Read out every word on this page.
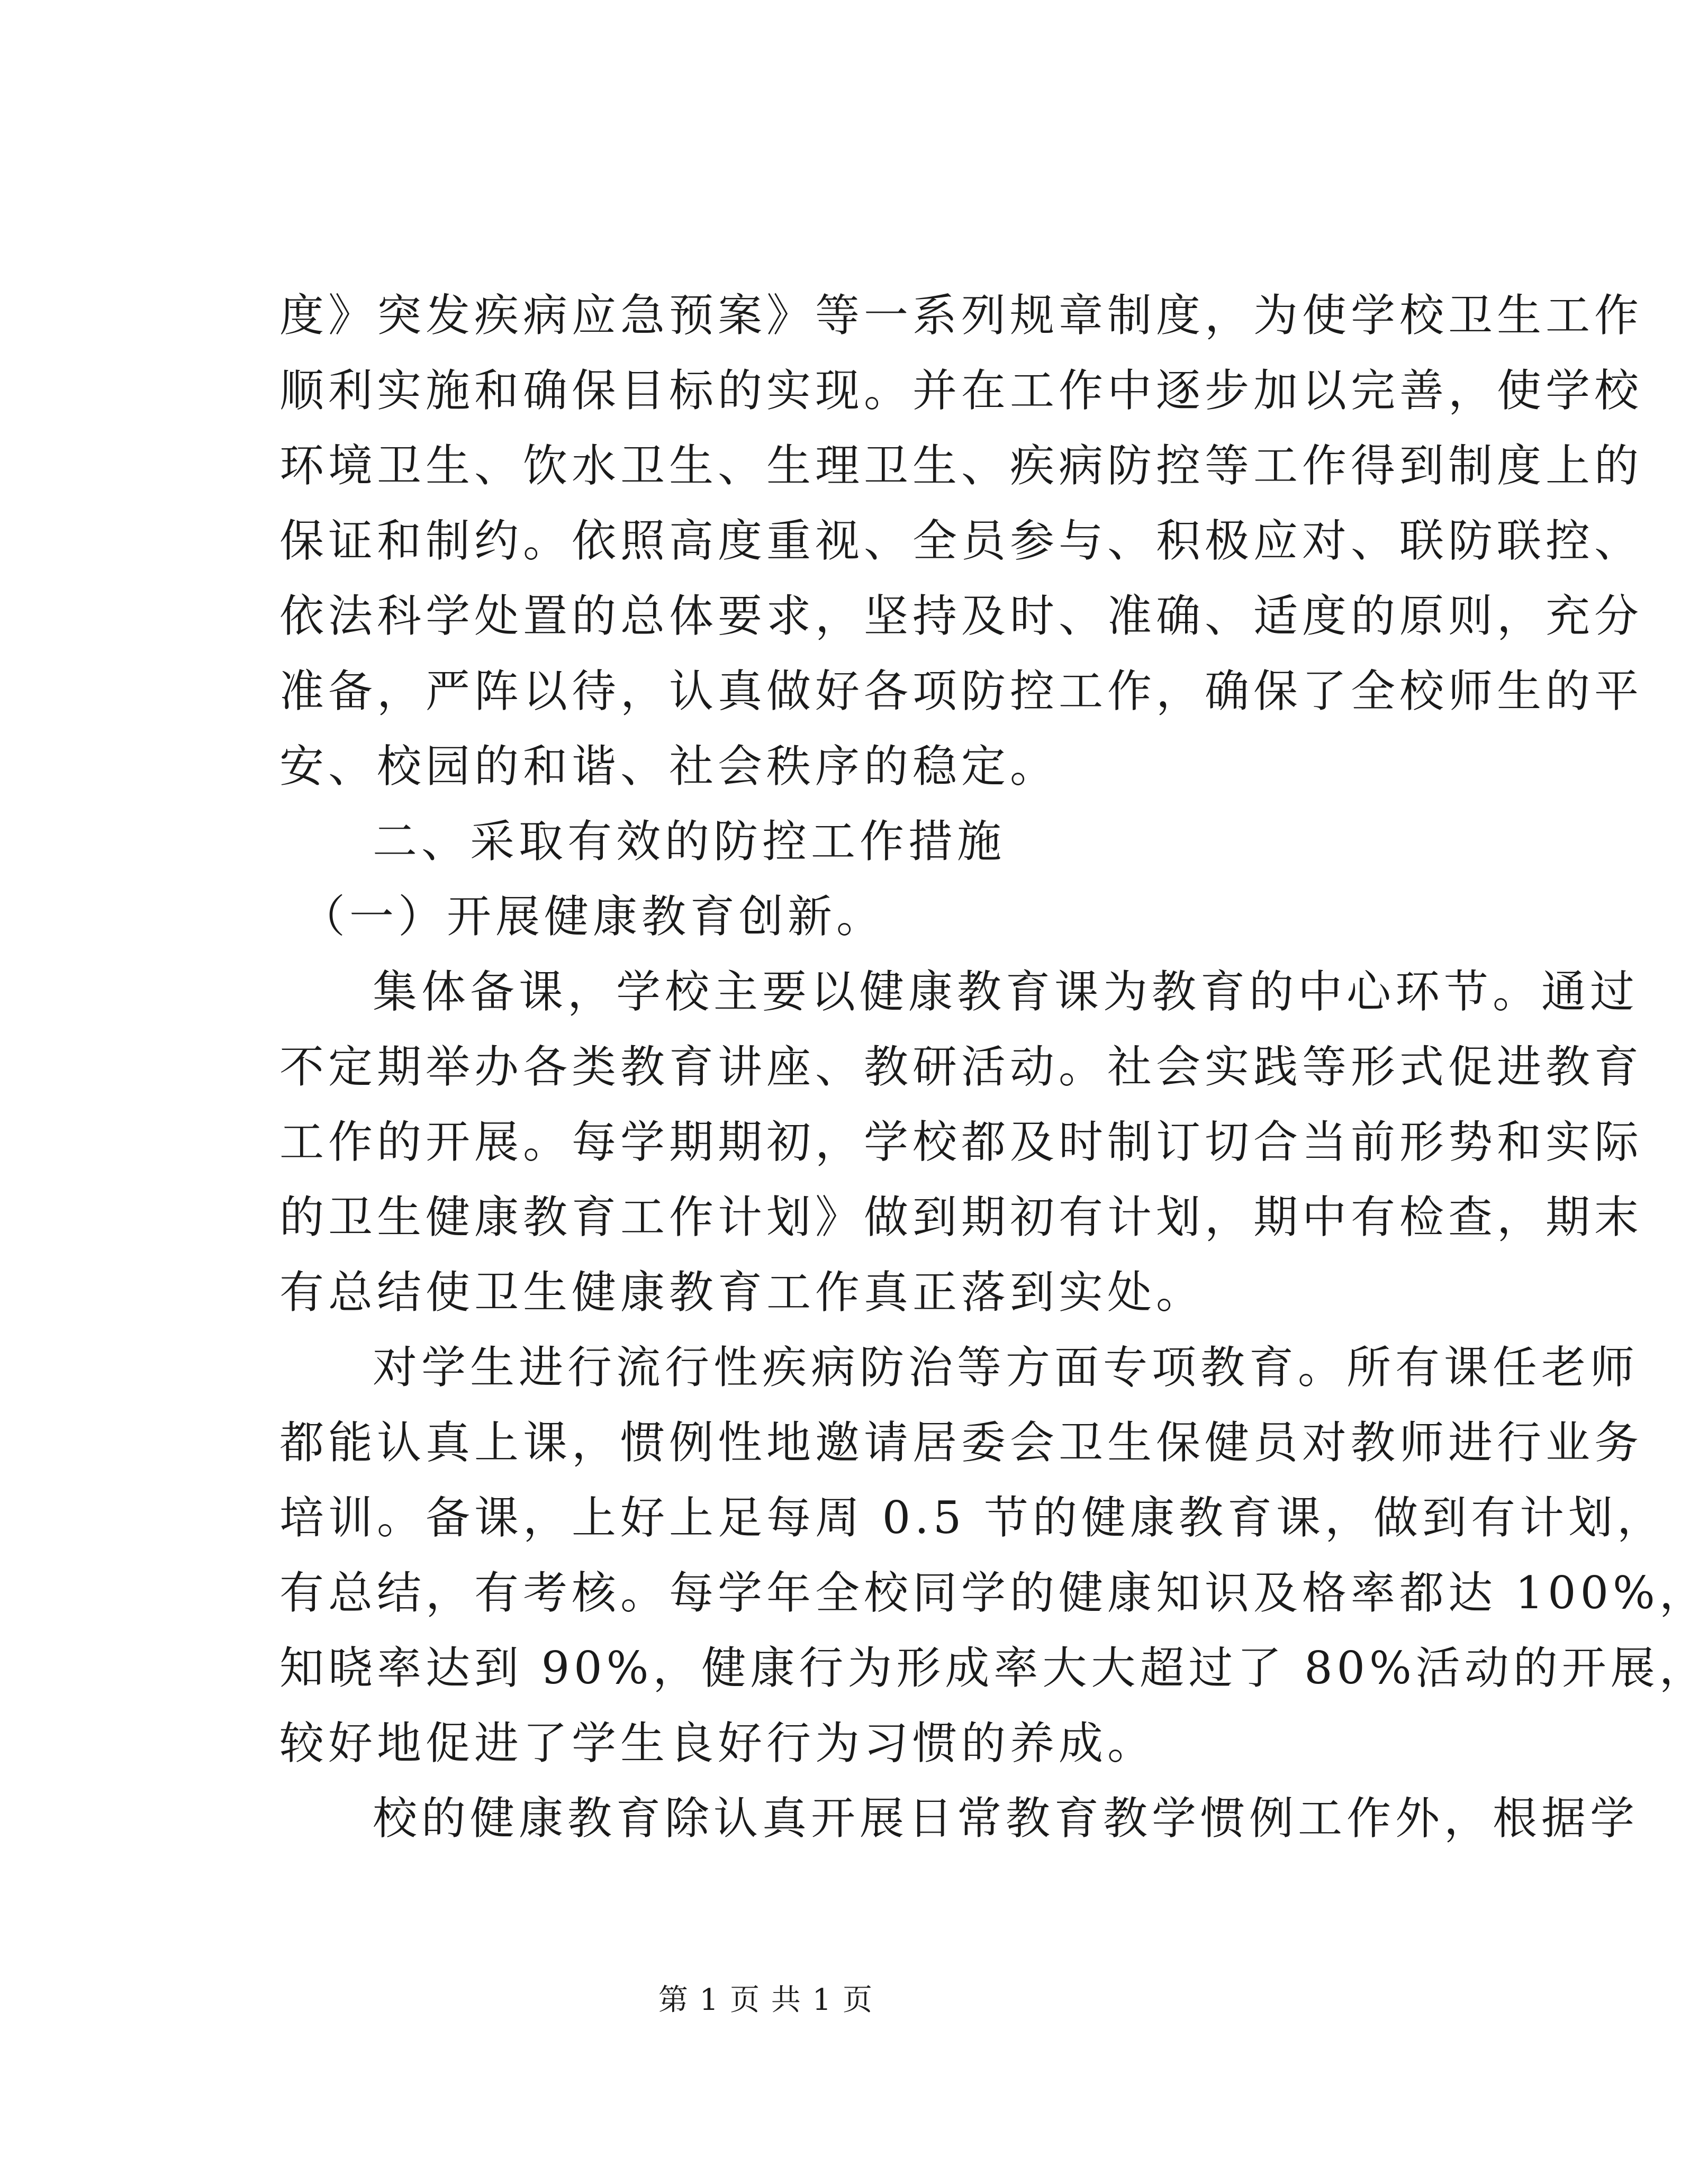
度》突发疾病应急预案》等一系列规章制度，为使学校卫生工作
顺利实施和确保目标的实现。并在工作中逐步加以完善，使学校
环境卫生、饮水卫生、生理卫生、疾病防控等工作得到制度上的
保证和制约。依照高度重视、全员参与、积极应对、联防联控、
依法科学处置的总体要求，坚持及时、准确、适度的原则，充分
准备，严阵以待，认真做好各项防控工作，确保了全校师生的平
安、校园的和谐、社会秩序的稳定。
二、采取有效的防控工作措施
（一）开展健康教育创新。
集体备课，学校主要以健康教育课为教育的中心环节。通过
不定期举办各类教育讲座、教研活动。社会实践等形式促进教育
工作的开展。每学期期初，学校都及时制订切合当前形势和实际
的卫生健康教育工作计划》做到期初有计划，期中有检查，期末
有总结使卫生健康教育工作真正落到实处。
对学生进行流行性疾病防治等方面专项教育。所有课任老师
都能认真上课，惯例性地邀请居委会卫生保健员对教师进行业务
培训。备课，上好上足每周 0.5 节的健康教育课，做到有计划，
有总结，有考核。每学年全校同学的健康知识及格率都达 100%，
知晓率达到 90%，健康行为形成率大大超过了 80%活动的开展，
较好地促进了学生良好行为习惯的养成。
校的健康教育除认真开展日常教育教学惯例工作外，根据学
第 1 页 共 1 页
